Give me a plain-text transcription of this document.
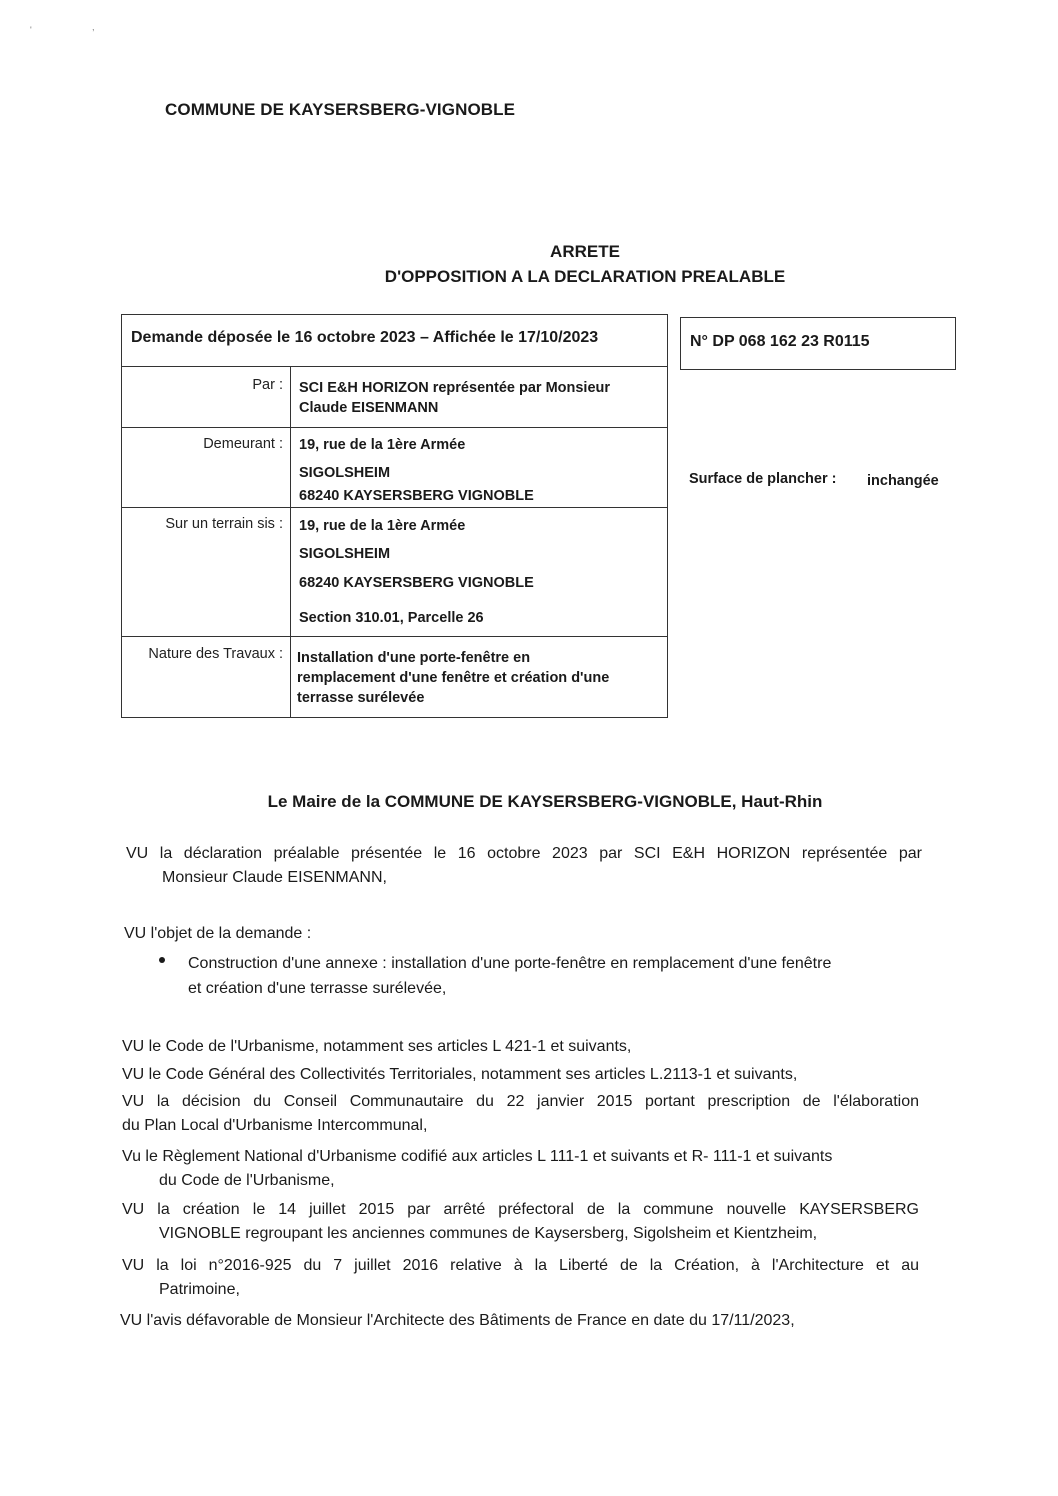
'	,
COMMUNE DE KAYSERSBERG-VIGNOBLE
ARRETE
D'OPPOSITION A LA DECLARATION PREALABLE
Demande déposée le 16 octobre 2023 – Affichée le 17/10/2023	N° DP 068 162 23 R0115
Par : SCI E&H HORIZON représentée par Monsieur
Claude EISENMANN
Demeurant : 19, rue de la 1ère Armée
SIGOLSHEIM
68240 KAYSERSBERG VIGNOBLE
Surface de plancher : inchangée
Sur un terrain sis : 19, rue de la 1ère Armée
SIGOLSHEIM
68240 KAYSERSBERG VIGNOBLE
Section 310.01, Parcelle 26
Nature des Travaux : Installation d'une porte-fenêtre en
remplacement d'une fenêtre et création d'une
terrasse surélevée
Le Maire de la COMMUNE DE KAYSERSBERG-VIGNOBLE, Haut-Rhin
VU la déclaration préalable présentée le 16 octobre 2023 par SCI E&H HORIZON représentée par
Monsieur Claude EISENMANN,
VU l'objet de la demande :
Construction d'une annexe : installation d'une porte-fenêtre en remplacement d'une fenêtre
et création d'une terrasse surélevée,
VU le Code de l'Urbanisme, notamment ses articles L 421-1 et suivants,
VU le Code Général des Collectivités Territoriales, notamment ses articles L.2113-1 et suivants,
VU la décision du Conseil Communautaire du 22 janvier 2015 portant prescription de l'élaboration
du Plan Local d'Urbanisme Intercommunal,
Vu le Règlement National d'Urbanisme codifié aux articles L 111-1 et suivants et R- 111-1 et suivants
du Code de l'Urbanisme,
VU la création le 14 juillet 2015 par arrêté préfectoral de la commune nouvelle KAYSERSBERG
VIGNOBLE regroupant les anciennes communes de Kaysersberg, Sigolsheim et Kientzheim,
VU la loi n°2016-925 du 7 juillet 2016 relative à la Liberté de la Création, à l'Architecture et au
Patrimoine,
VU l'avis défavorable de Monsieur l'Architecte des Bâtiments de France en date du 17/11/2023,
